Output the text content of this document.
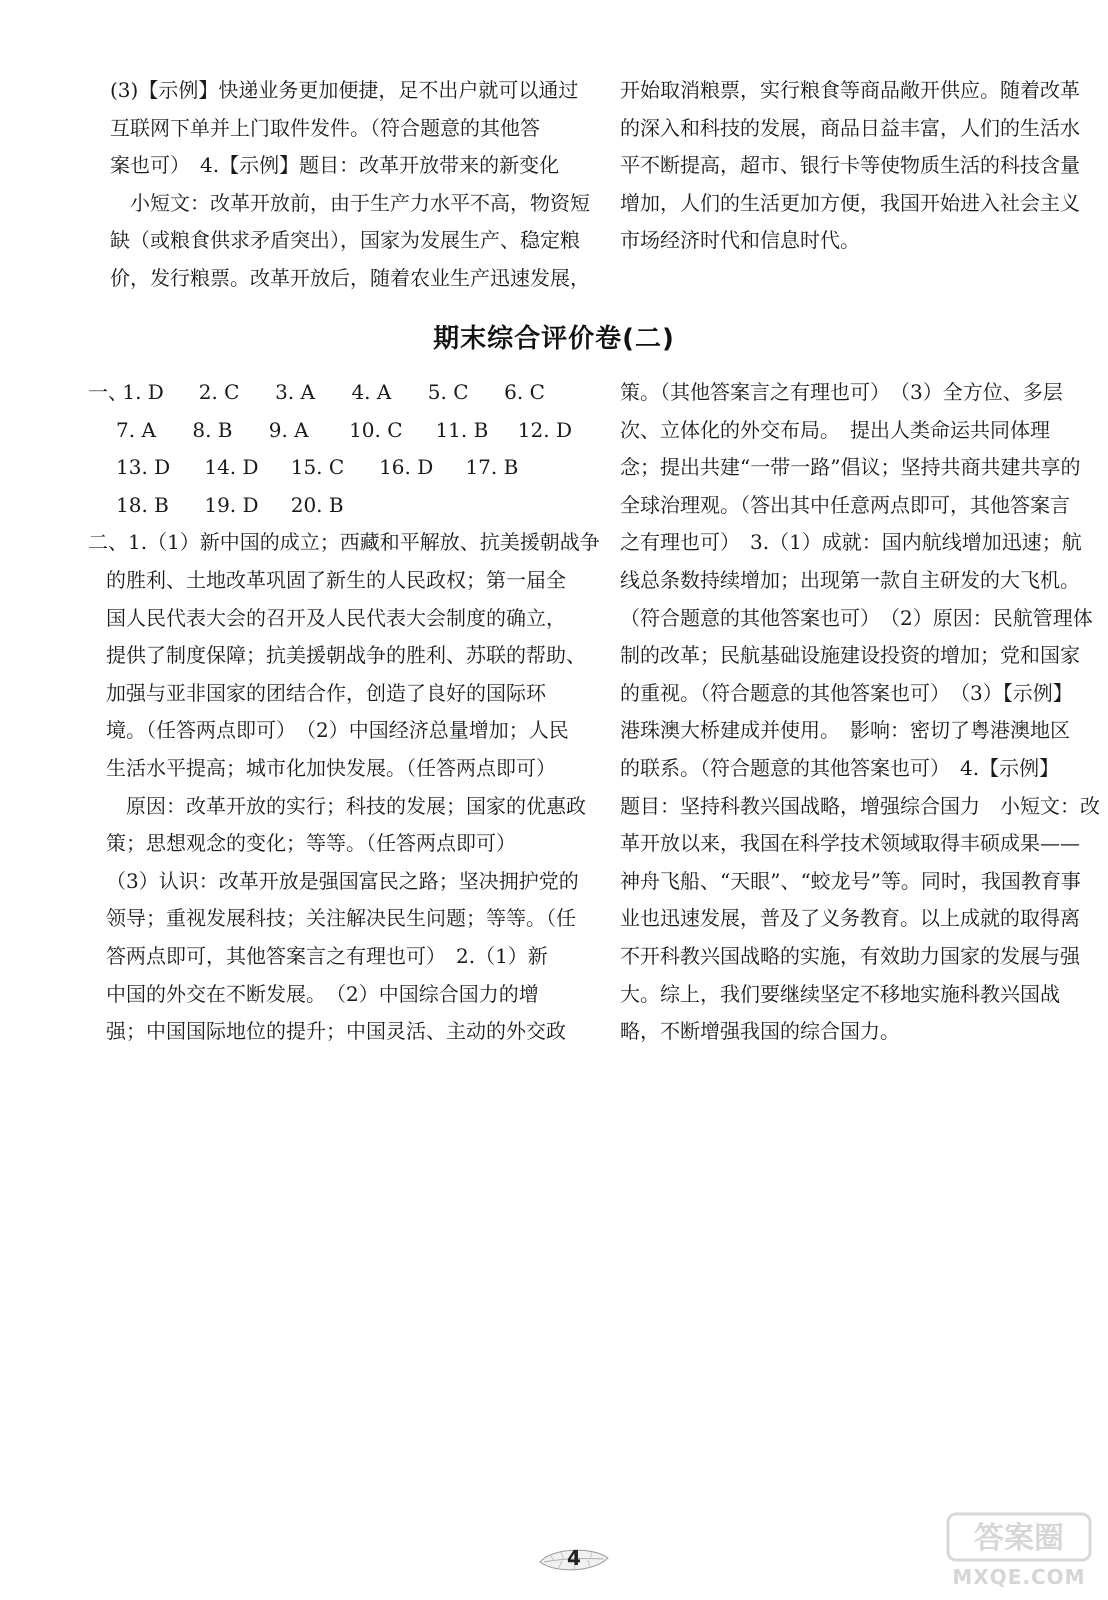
(3)【示例】快递业务更加便捷，足不出户就可以通过
互联网下单并上门取件发件。（符合题意的其他答
案也可）　4.【示例】题目：改革开放带来的新变化
　小短文：改革开放前，由于生产力水平不高，物资短
缺（或粮食供求矛盾突出），国家为发展生产、稳定粮
价，发行粮票。改革开放后，随着农业生产迅速发展，
开始取消粮票，实行粮食等商品敞开供应。随着改革
的深入和科技的发展，商品日益丰富，人们的生活水
平不断提高，超市、银行卡等使物质生活的科技含量
增加，人们的生活更加方便，我国开始进入社会主义
市场经济时代和信息时代。
期末综合评价卷(二)
一、 1. D 2. C 3. A 4. A 5. C 6. C
7. A 8. B 9. A 10. C 11. B 12. D
13. D 14. D 15. C 16. D 17. B
18. B 19. D 20. B
二、1.（1）新中国的成立；西藏和平解放、抗美援朝战争
的胜利、土地改革巩固了新生的人民政权；第一届全
国人民代表大会的召开及人民代表大会制度的确立，
提供了制度保障；抗美援朝战争的胜利、苏联的帮助、
加强与亚非国家的团结合作，创造了良好的国际环
境。（任答两点即可）　（2）中国经济总量增加；人民
生活水平提高；城市化加快发展。（任答两点即可）
　原因：改革开放的实行；科技的发展；国家的优惠政
策；思想观念的变化；等等。（任答两点即可）
（3）认识：改革开放是强国富民之路；坚决拥护党的
领导；重视发展科技；关注解决民生问题；等等。（任
答两点即可，其他答案言之有理也可）　2.（1）新
中国的外交在不断发展。　（2）中国综合国力的增
强；中国国际地位的提升；中国灵活、主动的外交政
策。（其他答案言之有理也可）　（3）全方位、多层
次、立体化的外交布局。　提出人类命运共同体理
念；提出共建“一带一路”倡议；坚持共商共建共享的
全球治理观。（答出其中任意两点即可，其他答案言
之有理也可）　3.（1）成就：国内航线增加迅速；航
线总条数持续增加；出现第一款自主研发的大飞机。
（符合题意的其他答案也可）　（2）原因：民航管理体
制的改革；民航基础设施建设投资的增加；党和国家
的重视。（符合题意的其他答案也可）　（3）【示例】
港珠澳大桥建成并使用。　影响：密切了粤港澳地区
的联系。（符合题意的其他答案也可）　4.【示例】
题目：坚持科教兴国战略，增强综合国力　小短文：改
革开放以来，我国在科学技术领域取得丰硕成果——
神舟飞船、“天眼”、“蛟龙号”等。同时，我国教育事
业也迅速发展，普及了义务教育。以上成就的取得离
不开科教兴国战略的实施，有效助力国家的发展与强
大。综上，我们要继续坚定不移地实施科教兴国战
略，不断增强我国的综合国力。
4
答案圈
MXQE.COM
